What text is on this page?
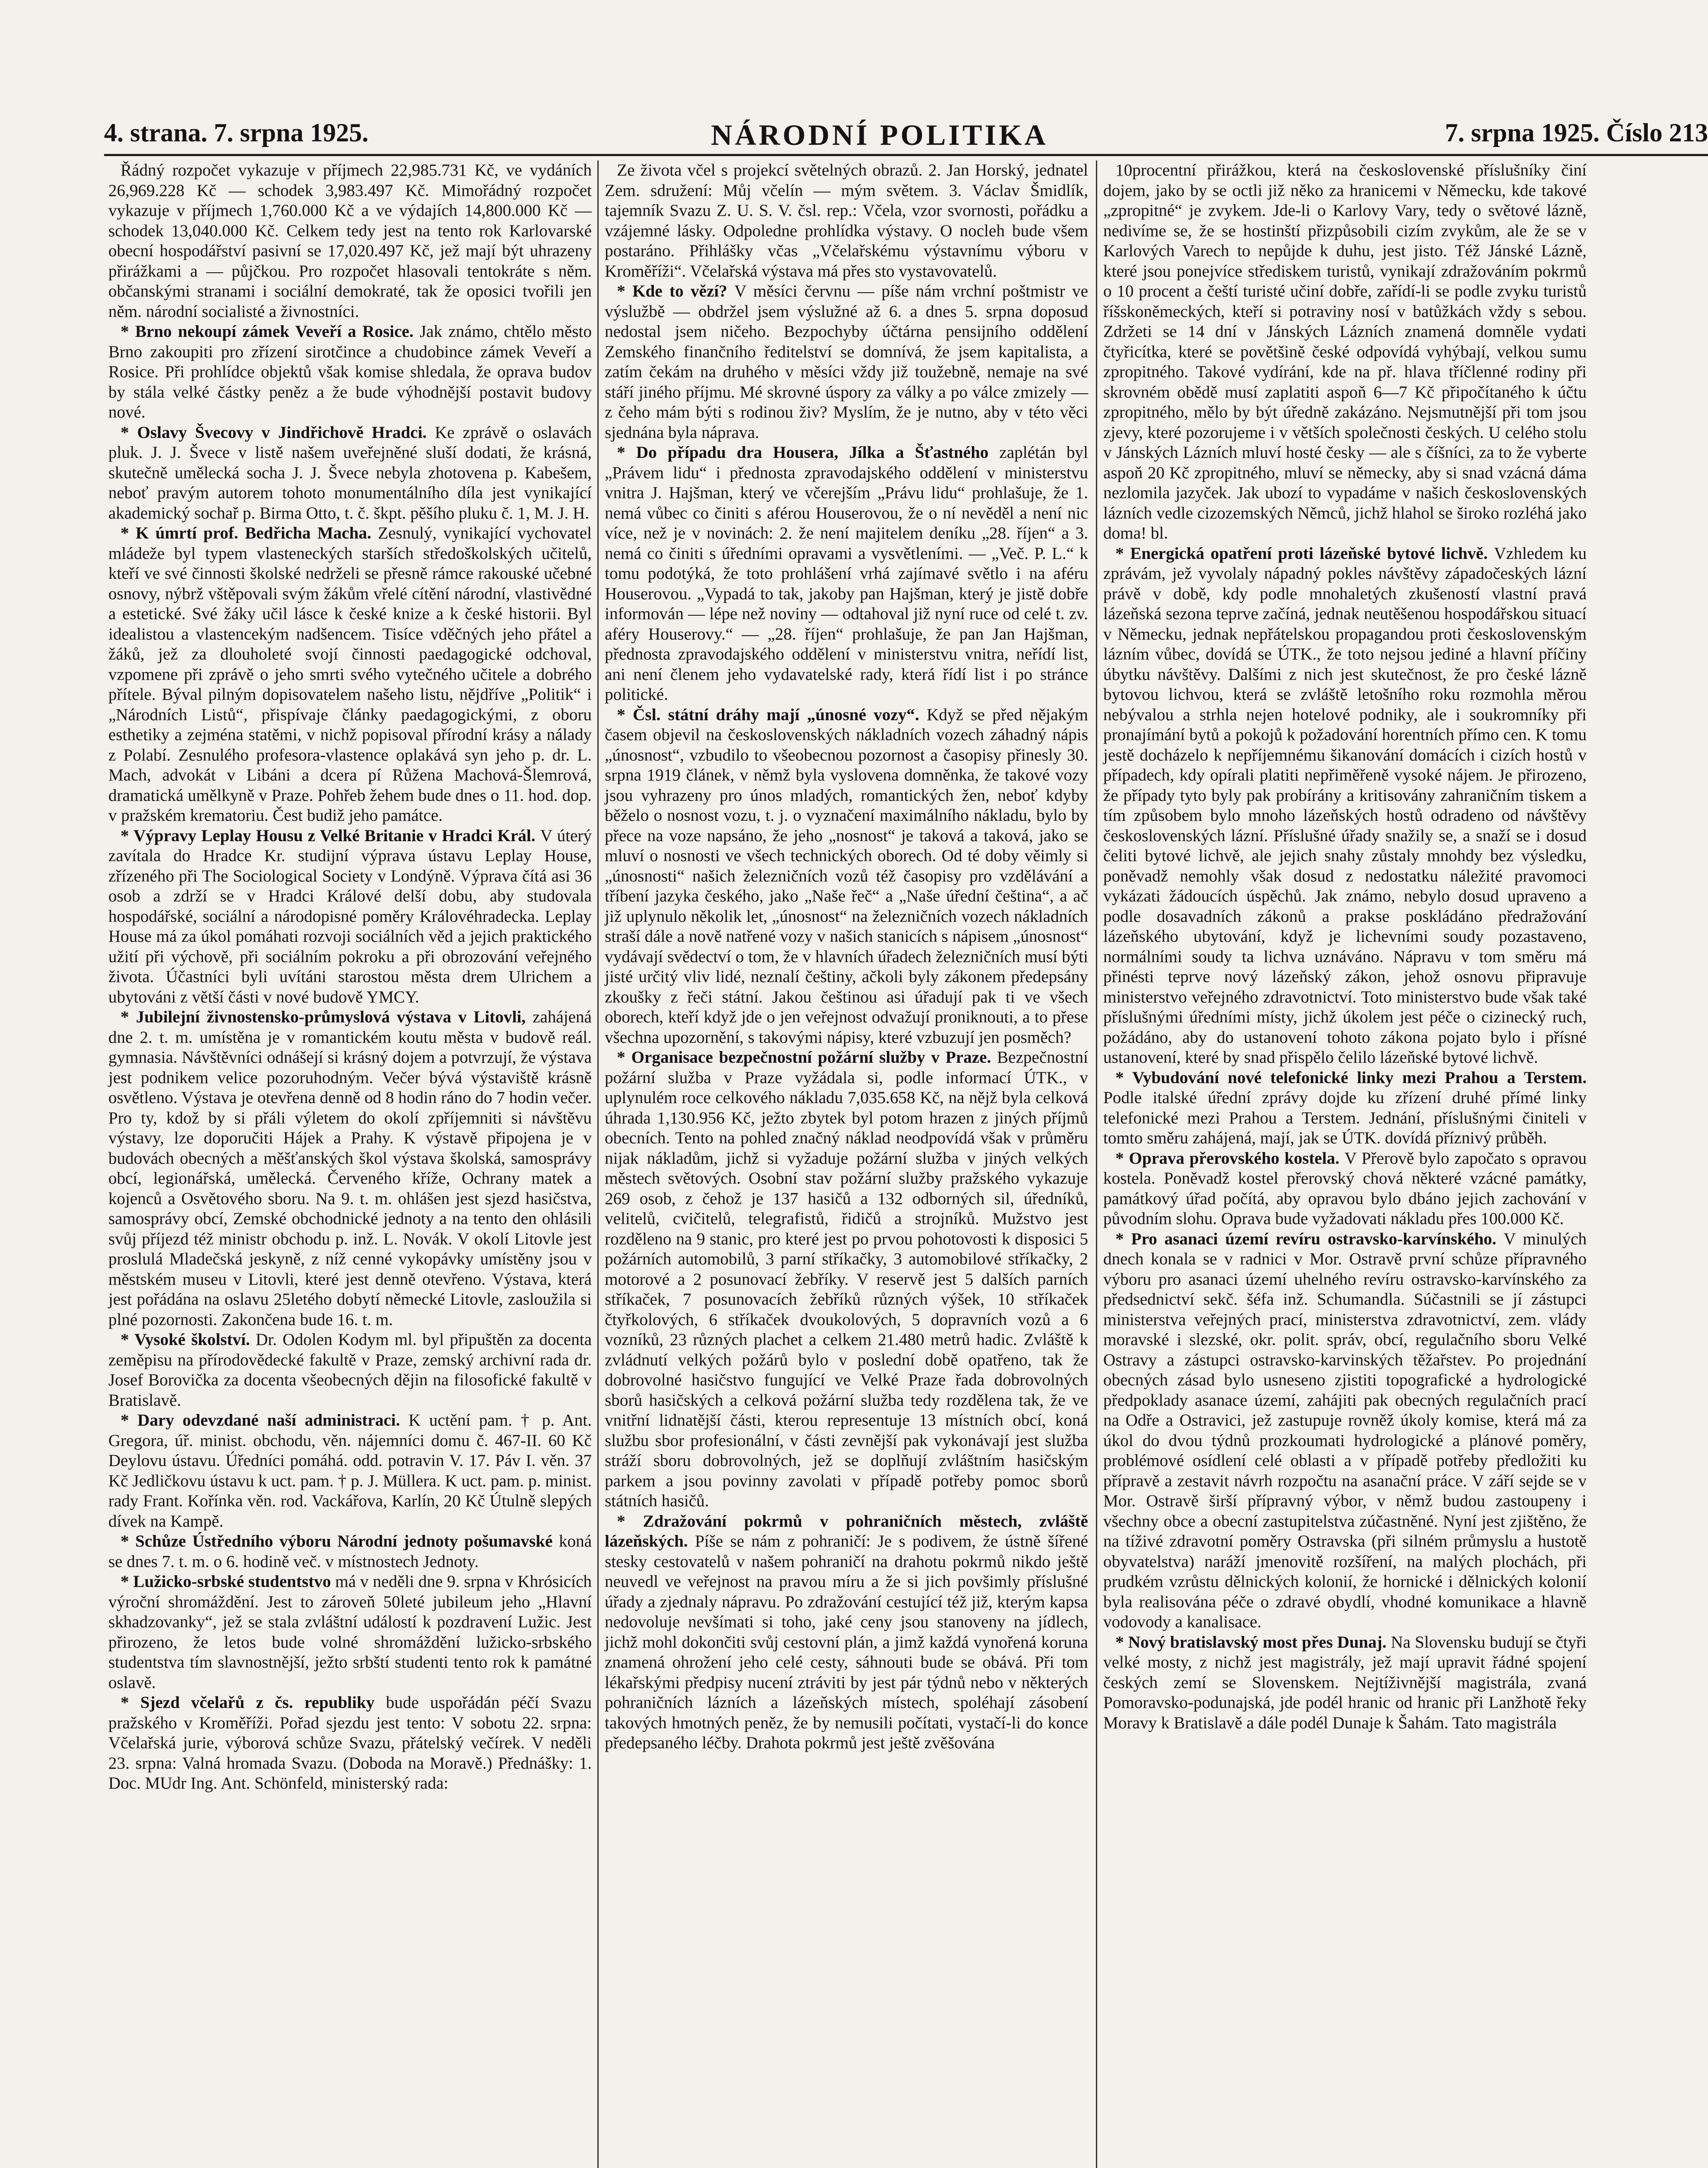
4. strana. 7. srpna 1925.	NÁRODNÍ POLITIKA	7. srpna 1925. Číslo 213

Řádný rozpočet vykazuje v příjmech 22,985.731 Kč, ve vydáních 26,969.228 Kč — schodek 3,983.497 Kč. Mimořádný rozpočet vykazuje v příjmech 1,760.000 Kč a ve výdajích 14,800.000 Kč — schodek 13,040.000 Kč. Celkem tedy jest na tento rok Karlovarské obecní hospodářství pasivní se 17,020.497 Kč, jež mají být uhrazeny přirážkami a — půjčkou. Pro rozpočet hlasovali tentokráte s něm. občanskými stranami i sociální demokraté, tak že oposici tvořili jen něm. národní socialisté a živnostníci.

* Brno nekoupí zámek Veveří a Rosice. Jak známo, chtělo město Brno zakoupiti pro zřízení sirotčince a chudobince zámek Veveří a Rosice. Při prohlídce objektů však komise shledala, že oprava budov by stála velké částky peněz a že bude výhodnější postavit budovy nové.

* Oslavy Švecovy v Jindřichově Hradci. Ke zprávě o oslavách pluk. J. J. Švece v listě našem uveřejněné sluší dodati, že krásná, skutečně umělecká socha J. J. Švece nebyla zhotovena p. Kabešem, neboť pravým autorem tohoto monumentálního díla jest vynikající akademický sochař p. Birma Otto, t. č. škpt. pěšího pluku č. 1, M. J. H.

* K úmrtí prof. Bedřicha Macha. Zesnulý, vynikající vychovatel mládeže byl typem vlasteneckých starších středoškolských učitelů, kteří ve své činnosti školské nedrželi se přesně rámce rakouské učebné osnovy, nýbrž vštěpovali svým žákům vřelé cítění národní, vlastivědné a estetické. Své žáky učil lásce k české knize a k české historii. Byl idealistou a vlastencekým nadšencem. Tisíce vděčných jeho přátel a žáků, jež za dlouholeté svojí činnosti paedagogické odchoval, vzpomene při zprávě o jeho smrti svého vytečného učitele a dobrého přítele. Býval pilným dopisovatelem našeho listu, nějdříve „Politik“ i „Národních Listů“, přispívaje články paedagogickými, z oboru esthetiky a zejména statěmi, v nichž popisoval přírodní krásy a nálady z Polabí. Zesnulého profesora-vlastence oplakává syn jeho p. dr. L. Mach, advokát v Libáni a dcera pí Růžena Machová-Šlemrová, dramatická umělkyně v Praze. Pohřeb žehem bude dnes o 11. hod. dop. v pražském krematoriu. Čest budiž jeho památce.

* Výpravy Leplay Housu z Velké Britanie v Hradci Král. V úterý zavítala do Hradce Kr. studijní výprava ústavu Leplay House, zřízeného při The Sociological Society v Londýně. Výprava čítá asi 36 osob a zdrží se v Hradci Králové delší dobu, aby studovala hospodářské, sociální a národopisné poměry Královéhradecka. Leplay House má za úkol pomáhati rozvoji sociálních věd a jejich praktického užití při výchově, při sociálním pokroku a při obrozování veřejného života. Účastníci byli uvítáni starostou města drem Ulrichem a ubytováni z větší části v nové budově YMCY.

* Jubilejní živnostensko-průmyslová výstava v Litovli, zahájená dne 2. t. m. umístěna je v romantickém koutu města v budově reál. gymnasia. Návštěvníci odnášejí si krásný dojem a potvrzují, že výstava jest podnikem velice pozoruhodným. Večer bývá výstaviště krásně osvětleno. Výstava je otevřena denně od 8 hodin ráno do 7 hodin večer. Pro ty, kdož by si přáli výletem do okolí zpříjemniti si návštěvu výstavy, lze doporučiti Hájek a Prahy. K výstavě připojena je v budovách obecných a měšťanských škol výstava školská, samosprávy obcí, legionářská, umělecká. Červeného kříže, Ochrany matek a kojenců a Osvětového sboru. Na 9. t. m. ohlášen jest sjezd hasičstva, samosprávy obcí, Zemské obchodnické jednoty a na tento den ohlásili svůj příjezd též ministr obchodu p. inž. L. Novák. V okolí Litovle jest proslulá Mladečská jeskyně, z níž cenné vykopávky umístěny jsou v městském museu v Litovli, které jest denně otevřeno. Výstava, která jest pořádána na oslavu 25letého dobytí německé Litovle, zasloužila si plné pozornosti. Zakončena bude 16. t. m.

* Vysoké školství. Dr. Odolen Kodym ml. byl připuštěn za docenta zeměpisu na přírodovědecké fakultě v Praze, zemský archivní rada dr. Josef Borovička za docenta všeobecných dějin na filosofické fakultě v Bratislavě.

* Dary odevzdané naší administraci. K uctění pam. † p. Ant. Gregora, úř. minist. obchodu, věn. nájemníci domu č. 467-II. 60 Kč Deylovu ústavu. Úředníci pomáhá. odd. potravin V. 17. Páv I. věn. 37 Kč Jedličkovu ústavu k uct. pam. † p. J. Müllera. K uct. pam. p. minist. rady Frant. Kořínka věn. rod. Vackářova, Karlín, 20 Kč Útulně slepých dívek na Kampě.

* Schůze Ústředního výboru Národní jednoty pošumavské koná se dnes 7. t. m. o 6. hodině več. v místnostech Jednoty.

* Lužicko-srbské studentstvo má v neděli dne 9. srpna v Khrósicích výroční shromáždění. Jest to zároveň 50leté jubileum jeho „Hlavní skhadzovanky“, jež se stala zvláštní událostí k pozdravení Lužic. Jest přirozeno, že letos bude volné shromáždění lužicko-srbského studentstva tím slavnostnější, ježto srbští studenti tento rok k památné oslavě.

* Sjezd včelařů z čs. republiky bude uspořádán péčí Svazu pražského v Kroměříži. Pořad sjezdu jest tento: V sobotu 22. srpna: Včelařská jurie, výborová schůze Svazu, přátelský večírek. V neděli 23. srpna: Valná hromada Svazu. (Doboda na Moravě.) Přednášky: 1. Doc. MUdr Ing. Ant. Schönfeld, ministerský rada:

Ze života včel s projekcí světelných obrazů. 2. Jan Horský, jednatel Zem. sdružení: Můj včelín — mým světem. 3. Václav Šmidlík, tajemník Svazu Z. U. S. V. čsl. rep.: Včela, vzor svornosti, pořádku a vzájemné lásky. Odpoledne prohlídka výstavy. O nocleh bude všem postaráno. Přihlášky včas „Včelařskému výstavnímu výboru v Kroměříži“. Včelařská výstava má přes sto vystavovatelů.

* Kde to vězí? V měsíci červnu — píše nám vrchní poštmistr ve výslužbě — obdržel jsem výslužné až 6. a dnes 5. srpna doposud nedostal jsem ničeho. Bezpochyby účtárna pensijního oddělení Zemského finančního ředitelství se domnívá, že jsem kapitalista, a zatím čekám na druhého v měsíci vždy již toužebně, nemaje na své stáří jiného příjmu. Mé skrovné úspory za války a po válce zmizely — z čeho mám býti s rodinou živ? Myslím, že je nutno, aby v této věci sjednána byla náprava.

* Do případu dra Housera, Jílka a Šťastného zaplétán byl „Právem lidu“ i přednosta zpravodajského oddělení v ministerstvu vnitra J. Hajšman, který ve včerejším „Právu lidu“ prohlašuje, že 1. nemá vůbec co činiti s aférou Houserovou, že o ní nevěděl a není nic více, než je v novinách: 2. že není majitelem deníku „28. říjen“ a 3. nemá co činiti s úředními opravami a vysvětleními. — „Več. P. L.“ k tomu podotýká, že toto prohlášení vrhá zajímavé světlo i na aféru Houserovou. „Vypadá to tak, jakoby pan Hajšman, který je jistě dobře informován — lépe než noviny — odtahoval již nyní ruce od celé t. zv. aféry Houserovy.“ — „28. říjen“ prohlašuje, že pan Jan Hajšman, přednosta zpravodajského oddělení v ministerstvu vnitra, neřídí list, ani není členem jeho vydavatelské rady, která řídí list i po stránce politické.

* Čsl. státní dráhy mají „únosné vozy“. Když se před nějakým časem objevil na československých nákladních vozech záhadný nápis „únosnost“, vzbudilo to všeobecnou pozornost a časopisy přinesly 30. srpna 1919 článek, v němž byla vyslovena domněnka, že takové vozy jsou vyhrazeny pro únos mladých, romantických žen, neboť kdyby běželo o nosnost vozu, t. j. o vyznačení maximálního nákladu, bylo by přece na voze napsáno, že jeho „nosnost“ je taková a taková, jako se mluví o nosnosti ve všech technických oborech. Od té doby věimly si „únosnosti“ našich železničních vozů též časopisy pro vzdělávání a tříbení jazyka českého, jako „Naše řeč“ a „Naše úřední čeština“, a ač již uplynulo několik let, „únosnost“ na železničních vozech nákladních straší dále a nově natřené vozy v našich stanicích s nápisem „únosnost“ vydávají svědectví o tom, že v hlavních úřadech železničních musí býti jisté určitý vliv lidé, neznalí češtiny, ačkoli byly zákonem předepsány zkoušky z řeči státní. Jakou češtinou asi úřadují pak ti ve všech oborech, kteří když jde o jen veřejnost odvažují proniknouti, a to přese všechna upozornění, s takovými nápisy, které vzbuzují jen posměch?

* Organisace bezpečnostní požární služby v Praze. Bezpečnostní požární služba v Praze vyžádala si, podle informací ÚTK., v uplynulém roce celkového nákladu 7,035.658 Kč, na nějž byla celková úhrada 1,130.956 Kč, ježto zbytek byl potom hrazen z jiných příjmů obecních. Tento na pohled značný náklad neodpovídá však v průměru nijak nákladům, jichž si vyžaduje požární služba v jiných velkých městech světových. Osobní stav požární služby pražského vykazuje 269 osob, z čehož je 137 hasičů a 132 odborných sil, úředníků, velitelů, cvičitelů, telegrafistů, řidičů a strojníků. Mužstvo jest rozděleno na 9 stanic, pro které jest po prvou pohotovosti k disposici 5 požárních automobilů, 3 parní stříkačky, 3 automobilové stříkačky, 2 motorové a 2 posunovací žebříky. V reservě jest 5 dalších parních stříkaček, 7 posunovacích žebříků různých výšek, 10 stříkaček čtyřkolových, 6 stříkaček dvoukolových, 5 dopravních vozů a 6 vozníků, 23 různých plachet a celkem 21.480 metrů hadic. Zvláště k zvládnutí velkých požárů bylo v poslední době opatřeno, tak že dobrovolné hasičstvo fungující ve Velké Praze řada dobrovolných sborů hasičských a celková požární služba tedy rozdělena tak, že ve vnitřní lidnatější části, kterou representuje 13 místních obcí, koná službu sbor profesionální, v části zevnější pak vykonávají jest služba stráží sboru dobrovolných, jež se doplňují zvláštním hasičským parkem a jsou povinny zavolati v případě potřeby pomoc sborů státních hasičů.

* Zdražování pokrmů v pohraničních městech, zvláště lázeňských. Píše se nám z pohraničí: Je s podivem, že ústně šířené stesky cestovatelů v našem pohraničí na drahotu pokrmů nikdo ještě neuvedl ve veřejnost na pravou míru a že si jich povšimly příslušné úřady a zjednaly nápravu. Po zdražování cestující též již, kterým kapsa nedovoluje nevšímati si toho, jaké ceny jsou stanoveny na jídlech, jichž mohl dokončiti svůj cestovní plán, a jimž každá vynořená koruna znamená ohrožení jeho celé cesty, sáhnouti bude se obává. Při tom lékařskými předpisy nucení ztráviti by jest pár týdnů nebo v některých pohraničních lázních a lázeňských místech, spoléhají zásobení takových hmotných peněz, že by nemusili počítati, vystačí-li do konce předepsaného léčby. Drahota pokrmů jest ještě zvěšována

10procentní přirážkou, která na československé příslušníky činí dojem, jako by se octli již něko za hranicemi v Německu, kde takové „zpropitné“ je zvykem. Jde-li o Karlovy Vary, tedy o světové lázně, nedivíme se, že se hostinští přizpůsobili cizím zvykům, ale že se v Karlových Varech to nepůjde k duhu, jest jisto. Též Jánské Lázně, které jsou ponejvíce střediskem turistů, vynikají zdražováním pokrmů o 10 procent a čeští turisté učiní dobře, zařídí-li se podle zvyku turistů říšskoněmeckých, kteří si potraviny nosí v batůžkách vždy s sebou. Zdržeti se 14 dní v Jánských Lázních znamená domněle vydati čtyřicítka, které se povětšině české odpovídá vyhýbají, velkou sumu zpropitného. Takové vydírání, kde na př. hlava tříčlenné rodiny při skrovném obědě musí zaplatiti aspoň 6—7 Kč připočítaného k účtu zpropitného, mělo by být úředně zakázáno. Nejsmutnější při tom jsou zjevy, které pozorujeme i v větších společnosti českých. U celého stolu v Jánských Lázních mluví hosté česky — ale s číšníci, za to že vyberte aspoň 20 Kč zpropitného, mluví se německy, aby si snad vzácná dáma nezlomila jazyček. Jak ubozí to vypadáme v našich československých lázních vedle cizozemských Němců, jichž hlahol se široko rozléhá jako doma! bl.

* Energická opatření proti lázeňské bytové lichvě. Vzhledem ku zprávám, jež vyvolaly nápadný pokles návštěvy západočeských lázní právě v době, kdy podle mnohaletých zkušeností vlastní pravá lázeňská sezona teprve začíná, jednak neutěšenou hospodářskou situací v Německu, jednak nepřátelskou propagandou proti československým lázním vůbec, dovídá se ÚTK., že toto nejsou jediné a hlavní příčiny úbytku návštěvy. Dalšími z nich jest skutečnost, že pro české lázně bytovou lichvou, která se zvláště letošního roku rozmohla měrou nebývalou a strhla nejen hotelové podniky, ale i soukromníky při pronajímání bytů a pokojů k požadování horentních přímo cen. K tomu jestě docházelo k nepříjemnému šikanování domácích i cizích hostů v případech, kdy opírali platiti nepřiměřeně vysoké nájem. Je přirozeno, že případy tyto byly pak probírány a kritisovány zahraničním tiskem a tím způsobem bylo mnoho lázeňských hostů odradeno od návštěvy československých lázní. Příslušné úřady snažily se, a snaží se i dosud čeliti bytové lichvě, ale jejich snahy zůstaly mnohdy bez výsledku, poněvadž nemohly však dosud z nedostatku náležité pravomoci vykázati žádoucích úspěchů. Jak známo, nebylo dosud upraveno a podle dosavadních zákonů a prakse poskládáno předražování lázeňského ubytování, když je lichevními soudy pozastaveno, normálními soudy ta lichva uznáváno. Nápravu v tom směru má přinésti teprve nový lázeňský zákon, jehož osnovu připravuje ministerstvo veřejného zdravotnictví. Toto ministerstvo bude však také příslušnými úředními místy, jichž úkolem jest péče o cizinecký ruch, požádáno, aby do ustanovení tohoto zákona pojato bylo i přísné ustanovení, které by snad přispělo čelilo lázeňské bytové lichvě.

* Vybudování nové telefonické linky mezi Prahou a Terstem. Podle italské úřední zprávy dojde ku zřízení druhé přímé linky telefonické mezi Prahou a Terstem. Jednání, příslušnými činiteli v tomto směru zahájená, mají, jak se ÚTK. dovídá příznivý průběh.

* Oprava přerovského kostela. V Přerově bylo započato s opravou kostela. Poněvadž kostel přerovský chová některé vzácné památky, památkový úřad počítá, aby opravou bylo dbáno jejich zachování v původním slohu. Oprava bude vyžadovati nákladu přes 100.000 Kč.

* Pro asanaci území revíru ostravsko-karvínského. V minulých dnech konala se v radnici v Mor. Ostravě první schůze přípravného výboru pro asanaci území uhelného revíru ostravsko-karvínského za předsednictví sekč. šéfa inž. Schumandla. Súčastnili se jí zástupci ministerstva veřejných prací, ministerstva zdravotnictví, zem. vlády moravské i slezské, okr. polit. správ, obcí, regulačního sboru Velké Ostravy a zástupci ostravsko-karvinských těžařstev. Po projednání obecných zásad bylo usneseno zjistiti topografické a hydrologické předpoklady asanace území, zahájiti pak obecných regulačních prací na Odře a Ostravici, jež zastupuje rovněž úkoly komise, která má za úkol do dvou týdnů prozkoumati hydrologické a plánové poměry, problémové osídlení celé oblasti a v případě potřeby předložiti ku přípravě a zestavit návrh rozpočtu na asanační práce. V září sejde se v Mor. Ostravě širší přípravný výbor, v němž budou zastoupeny i všechny obce a obecní zastupitelstva zúčastněné. Nyní jest zjištěno, že na tíživé zdravotní poměry Ostravska (při silném průmyslu a hustotě obyvatelstva) naráží jmenovitě rozšíření, na malých plochách, při prudkém vzrůstu dělnických kolonií, že hornické i dělnických kolonií byla realisována péče o zdravé obydlí, vhodné komunikace a hlavně vodovody a kanalisace.

* Nový bratislavský most přes Dunaj. Na Slovensku budují se čtyři velké mosty, z nichž jest magistrály, jež mají upravit řádné spojení českých zemí se Slovenskem. Nejtíživnější magistrála, zvaná Pomoravsko-podunajská, jde podél hranic od hranic při Lanžhotě řeky Moravy k Bratislavě a dále podél Dunaje k Šahám. Tato magistrála
